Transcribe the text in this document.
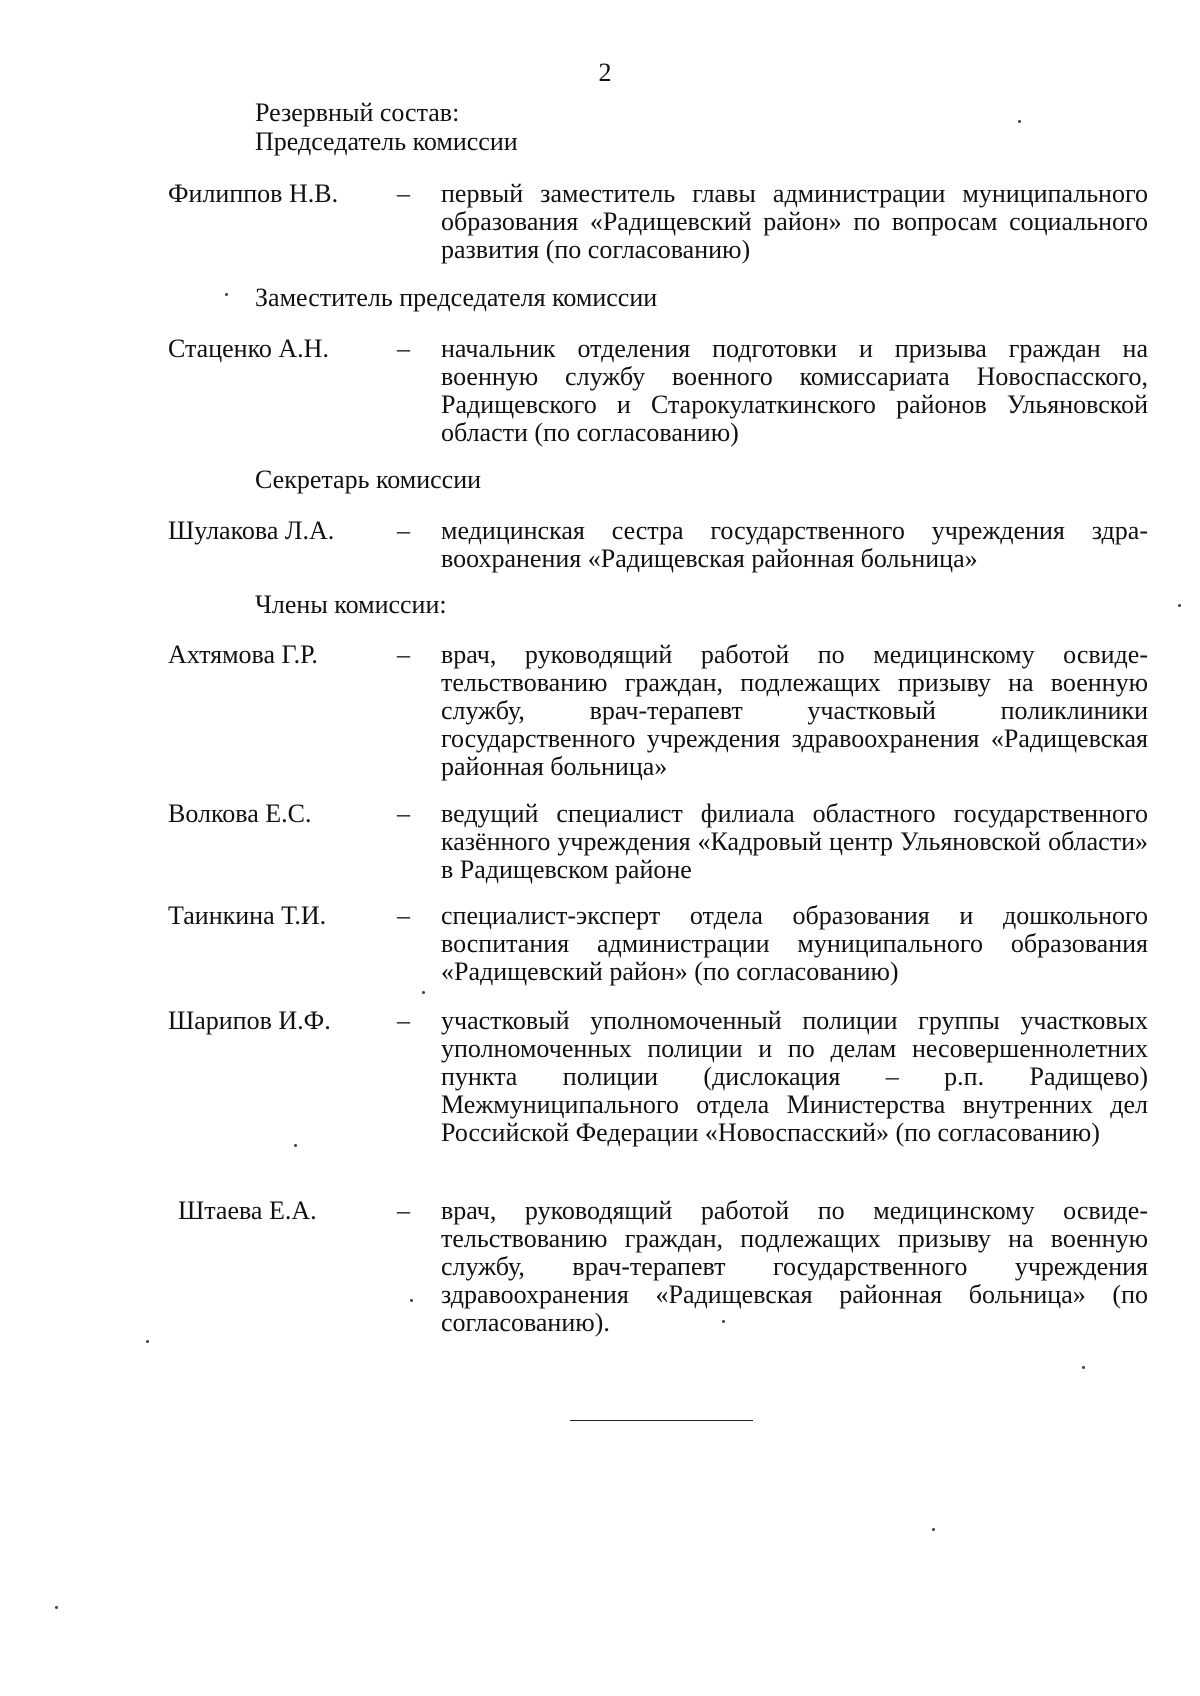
2
Резервный состав:
Председатель комиссии
Филиппов Н.В. – первый заместитель главы администрации муниципального образования «Радищевский район» по вопросам социального развития (по согласованию)
Заместитель председателя комиссии
Стаценко А.Н.	– начальник отделения подготовки и призыва граждан на военную службу военного комиссариата Новоспасского, Радищевского и Старокулаткинского районов Ульяновской области (по согласованию)
Секретарь комиссии
Шулакова Л.А. – медицинская сестра государственного учреждения здравоохранения «Радищевская районная больница»
Члены комиссии:
Ахтямова Г.Р.	– врач, руководящий работой по медицинскому освидетельствованию граждан, подлежащих призыву на военную службу, врач-терапевт участковый поликлиники государственного учреждения здравоохранения «Радищевская районная больница»
Волкова Е.С.	– ведущий специалист филиала областного государственного казённого учреждения «Кадровый центр Ульяновской области» в Радищевском районе
Таинкина Т.И.	– специалист-эксперт отдела образования и дошкольного воспитания администрации муниципального образования «Радищевский район» (по согласованию)
Шарипов И.Ф.	– участковый уполномоченный полиции группы участковых уполномоченных полиции и по делам несовершеннолетних пункта полиции (дислокация – р.п. Радищево) Межмуниципального отдела Министерства внутренних дел Российской Федерации «Новоспасский» (по согласованию)
Штаева Е.А.	– врач, руководящий работой по медицинскому освидетельствованию граждан, подлежащих призыву на военную службу, врач-терапевт государственного учреждения здравоохранения «Радищевская районная больница» (по согласованию).
